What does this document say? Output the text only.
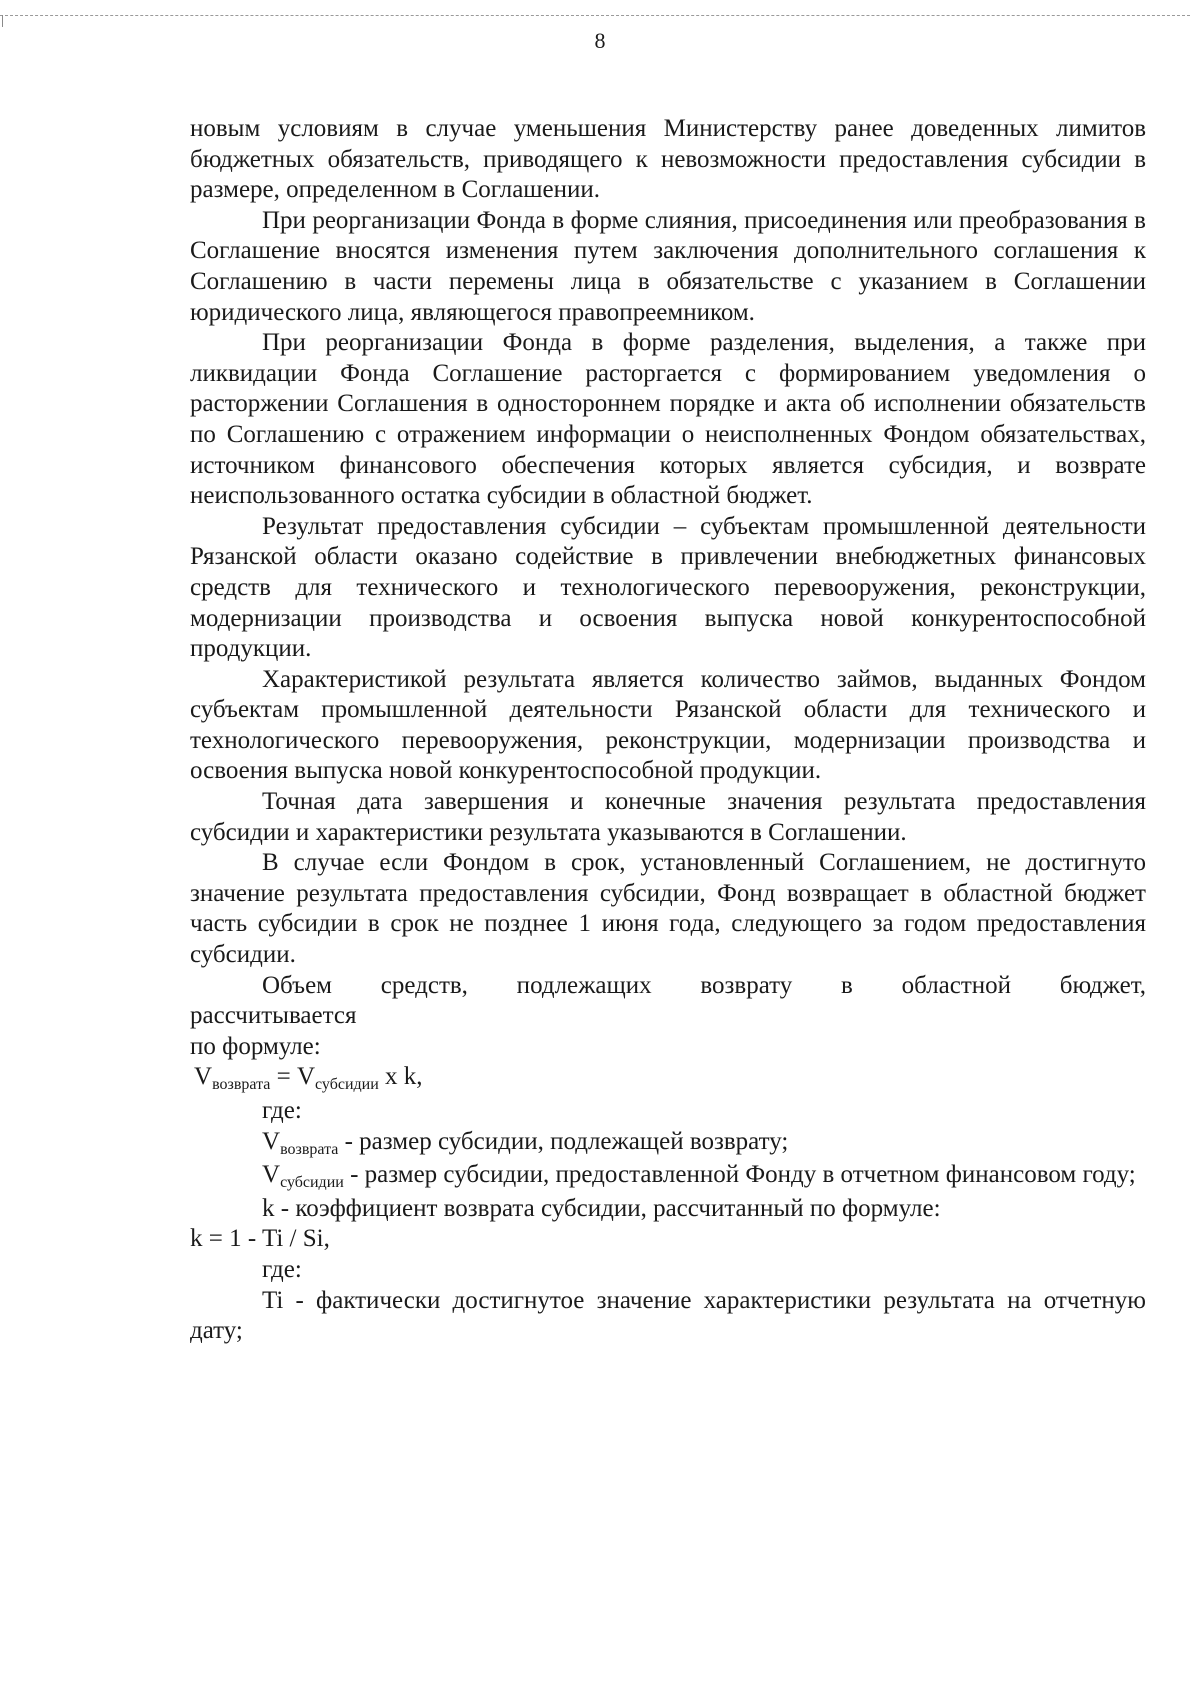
8

новым условиям в случае уменьшения Министерству ранее доведенных лимитов бюджетных обязательств, приводящего к невозможности предоставления субсидии в размере, определенном в Соглашении.

При реорганизации Фонда в форме слияния, присоединения или преобразования в Соглашение вносятся изменения путем заключения дополнительного соглашения к Соглашению в части перемены лица в обязательстве с указанием в Соглашении юридического лица, являющегося правопреемником.

При реорганизации Фонда в форме разделения, выделения, а также при ликвидации Фонда Соглашение расторгается с формированием уведомления о расторжении Соглашения в одностороннем порядке и акта об исполнении обязательств по Соглашению с отражением информации о неисполненных Фондом обязательствах, источником финансового обеспечения которых является субсидия, и возврате неиспользованного остатка субсидии в областной бюджет.

Результат предоставления субсидии – субъектам промышленной деятельности Рязанской области оказано содействие в привлечении внебюджетных финансовых средств для технического и технологического перевооружения, реконструкции, модернизации производства и освоения выпуска новой конкурентоспособной продукции.

Характеристикой результата является количество займов, выданных Фондом субъектам промышленной деятельности Рязанской области для технического и технологического перевооружения, реконструкции, модернизации производства и освоения выпуска новой конкурентоспособной продукции.

Точная дата завершения и конечные значения результата предоставления субсидии и характеристики результата указываются в Соглашении.

В случае если Фондом в срок, установленный Соглашением, не достигнуто значение результата предоставления субсидии, Фонд возвращает в областной бюджет часть субсидии в срок не позднее 1 июня года, следующего за годом предоставления субсидии.

Объем средств, подлежащих возврату в областной бюджет,

рассчитывается

по формуле:

$V_{возврата} = V_{субсидии}$ x k,

где:

$V_{возврата}$ - размер субсидии, подлежащей возврату;

$V_{субсидии}$ - размер субсидии, предоставленной Фонду в отчетном финансовом году;

k - коэффициент возврата субсидии, рассчитанный по формуле:

k = 1 - Ti / Si,

где:

Ti - фактически достигнутое значение характеристики результата на отчетную дату;
